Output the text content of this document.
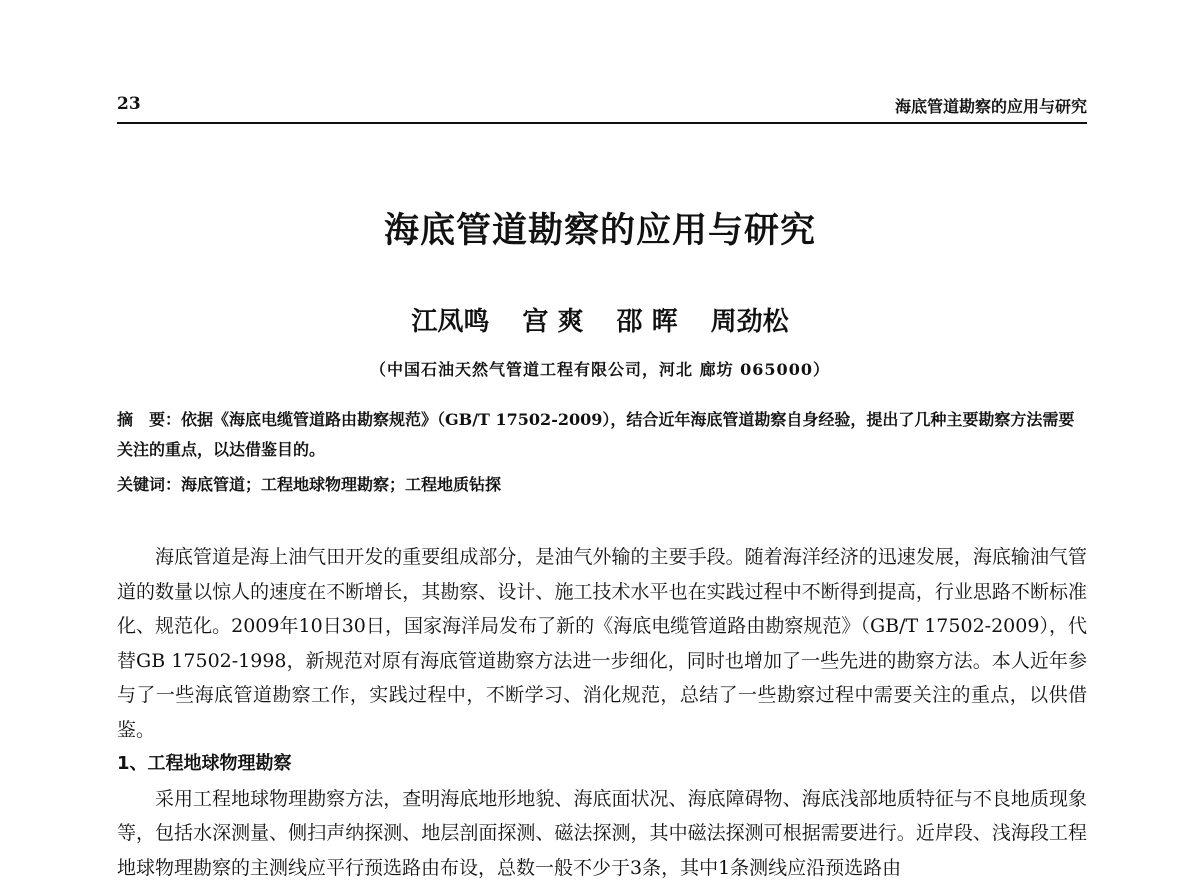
23	海底管道勘察的应用与研究
海底管道勘察的应用与研究
江凤鸣 宫 爽 邵 晖 周劲松
（中国石油天然气管道工程有限公司，河北 廊坊 065000）
摘　要：依据《海底电缆管道路由勘察规范》（GB/T 17502-2009），结合近年海底管道勘察自身经验，提出了几种主要勘察方法需要关注的重点，以达借鉴目的。
关键词：海底管道；工程地球物理勘察；工程地质钻探

海底管道是海上油气田开发的重要组成部分，是油气外输的主要手段。随着海洋经济的迅速发展，海底输油气管道的数量以惊人的速度在不断增长，其勘察、设计、施工技术水平也在实践过程中不断得到提高，行业思路不断标准化、规范化。2009年10日30日，国家海洋局发布了新的《海底电缆管道路由勘察规范》（GB/T 17502-2009），代替GB 17502-1998，新规范对原有海底管道勘察方法进一步细化，同时也增加了一些先进的勘察方法。本人近年参与了一些海底管道勘察工作，实践过程中，不断学习、消化规范，总结了一些勘察过程中需要关注的重点，以供借鉴。

1、工程地球物理勘察

采用工程地球物理勘察方法，查明海底地形地貌、海底面状况、海底障碍物、海底浅部地质特征与不良地质现象等，包括水深测量、侧扫声纳探测、地层剖面探测、磁法探测，其中磁法探测可根据需要进行。近岸段、浅海段工程地球物理勘察的主测线应平行预选路由布设，总数一般不少于3条，其中1条测线应沿预选路由
